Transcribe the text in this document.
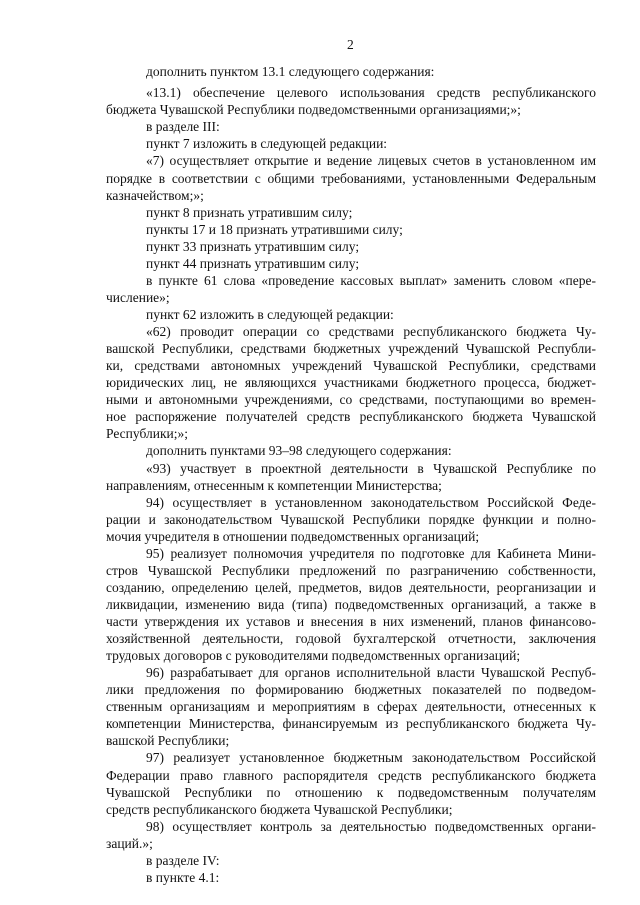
2
дополнить пунктом 13.1 следующего содержания:
«13.1) обеспечение целевого использования средств республиканского
бюджета Чувашской Республики подведомственными организациями;»;
в разделе III:
пункт 7 изложить в следующей редакции:
«7) осуществляет открытие и ведение лицевых счетов в установленном им
порядке в соответствии с общими требованиями, установленными Федеральным
казначейством;»;
пункт 8 признать утратившим силу;
пункты 17 и 18 признать утратившими силу;
пункт 33 признать утратившим силу;
пункт 44 признать утратившим силу;
в пункте 61 слова «проведение кассовых выплат» заменить словом «пере-
числение»;
пункт 62 изложить в следующей редакции:
«62) проводит операции со средствами республиканского бюджета Чу-
вашской Республики, средствами бюджетных учреждений Чувашской Республи-
ки, средствами автономных учреждений Чувашской Республики, средствами
юридических лиц, не являющихся участниками бюджетного процесса, бюджет-
ными и автономными учреждениями, со средствами, поступающими во времен-
ное распоряжение получателей средств республиканского бюджета Чувашской
Республики;»;
дополнить пунктами 93–98 следующего содержания:
«93) участвует в проектной деятельности в Чувашской Республике по
направлениям, отнесенным к компетенции Министерства;
94) осуществляет в установленном законодательством Российской Феде-
рации и законодательством Чувашской Республики порядке функции и полно-
мочия учредителя в отношении подведомственных организаций;
95) реализует полномочия учредителя по подготовке для Кабинета Мини-
стров Чувашской Республики предложений по разграничению собственности,
созданию, определению целей, предметов, видов деятельности, реорганизации и
ликвидации, изменению вида (типа) подведомственных организаций, а также в
части утверждения их уставов и внесения в них изменений, планов финансово-
хозяйственной деятельности, годовой бухгалтерской отчетности, заключения
трудовых договоров с руководителями подведомственных организаций;
96) разрабатывает для органов исполнительной власти Чувашской Респуб-
лики предложения по формированию бюджетных показателей по подведом-
ственным организациям и мероприятиям в сферах деятельности, отнесенных к
компетенции Министерства, финансируемым из республиканского бюджета Чу-
вашской Республики;
97) реализует установленное бюджетным законодательством Российской
Федерации право главного распорядителя средств республиканского бюджета
Чувашской Республики по отношению к подведомственным получателям
средств республиканского бюджета Чувашской Республики;
98) осуществляет контроль за деятельностью подведомственных органи-
заций.»;
в разделе IV:
в пункте 4.1:
